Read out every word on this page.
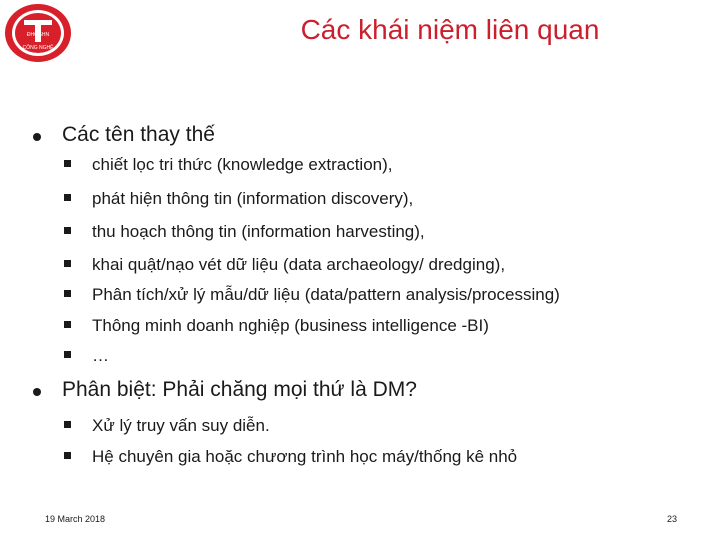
ĐHQGHN
CÔNG NGHỆ
Các khái niệm liên quan
Các tên thay thế
chiết lọc tri thức (knowledge extraction),
phát hiện thông tin (information discovery),
thu hoạch thông tin (information harvesting),
khai quật/nạo vét dữ liệu (data archaeology/ dredging),
Phân tích/xử lý mẫu/dữ liệu (data/pattern analysis/processing)
Thông minh doanh nghiệp (business intelligence -BI)
…
Phân biệt: Phải chăng mọi thứ là DM?
Xử lý truy vấn suy diễn.
Hệ chuyên gia hoặc chương trình học máy/thống kê nhỏ
19 March 2018	23
